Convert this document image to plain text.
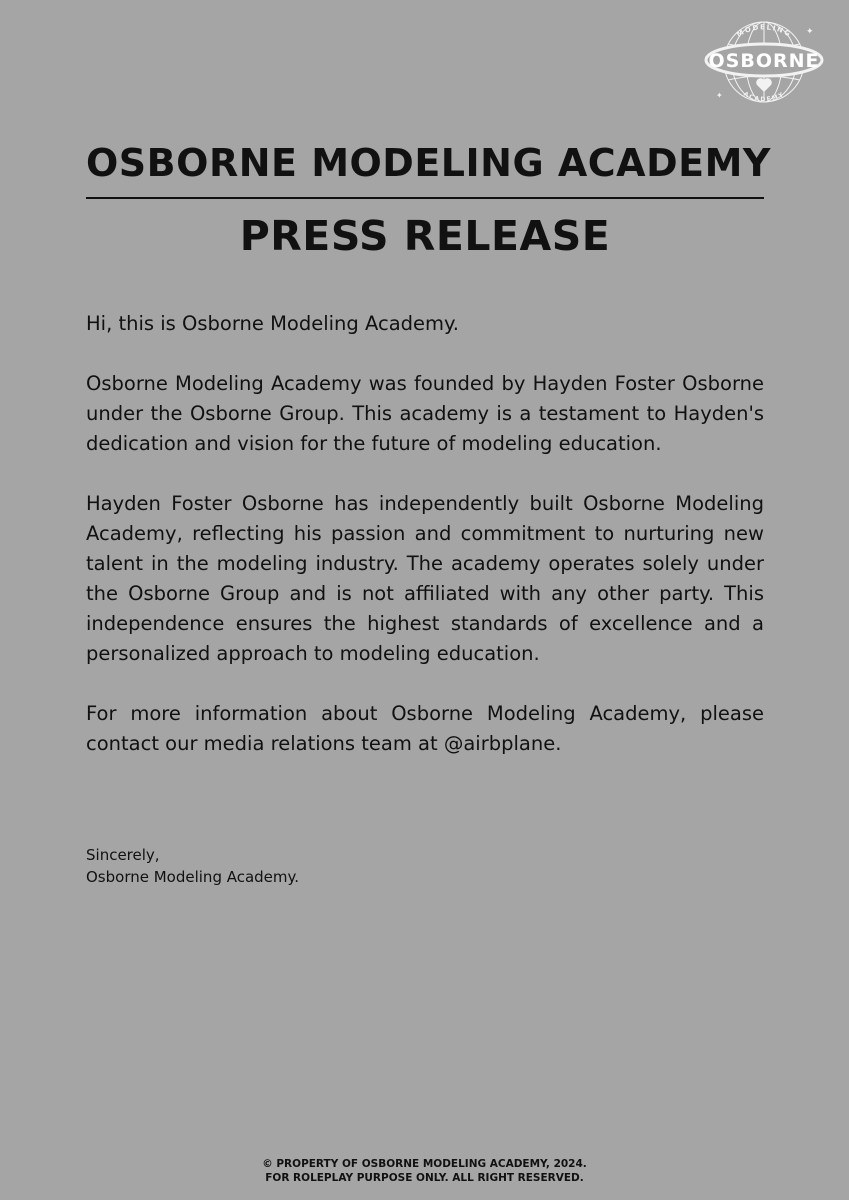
MODELING
OSBORNE
ACADEMY
✦
✦
OSBORNE MODELING ACADEMY
PRESS RELEASE

Hi, this is Osborne Modeling Academy.

Osborne Modeling Academy was founded by Hayden Foster Osborne under the Osborne Group. This academy is a testament to Hayden's dedication and vision for the future of modeling education.

Hayden Foster Osborne has independently built Osborne Modeling Academy, reflecting his passion and commitment to nurturing new talent in the modeling industry. The academy operates solely under the Osborne Group and is not affiliated with any other party. This independence ensures the highest standards of excellence and a personalized approach to modeling education.

For more information about Osborne Modeling Academy, please contact our media relations team at @airbplane.

Sincerely,
Osborne Modeling Academy.
© PROPERTY OF OSBORNE MODELING ACADEMY, 2024.
FOR ROLEPLAY PURPOSE ONLY. ALL RIGHT RESERVED.
